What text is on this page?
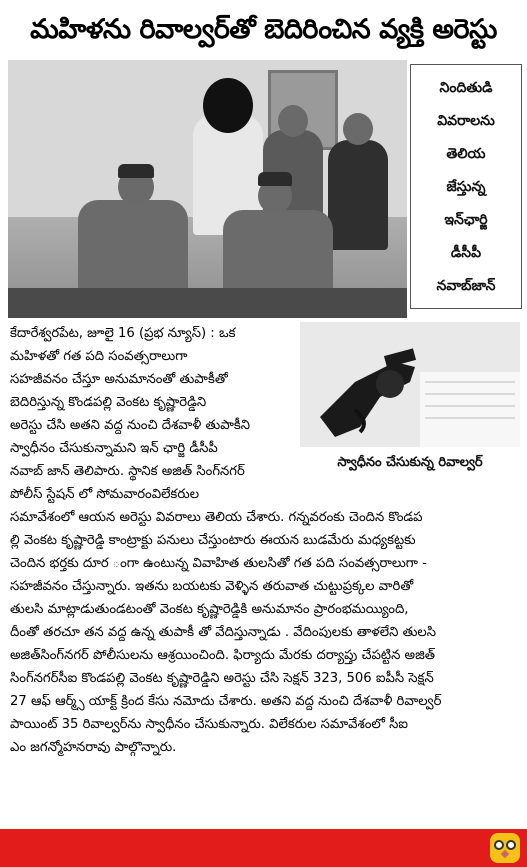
మహిళను రివాల్వర్‌తో బెదిరించిన వ్యక్తి అరెస్టు
నిందితుడి
వివరాలను
తెలియ
జేస్తున్న
ఇన్‌ఛార్జి
డీసీపీ
నవాబ్‌జాన్
కేదారేశ్వరపేట, జూలై 16 (ప్రభ న్యూస్) : ఒక
మహిళతో గత పది సంవత్సరాలుగా
సహజీవనం చేస్తూ అనుమానంతో తుపాకీతో
బెదిరిస్తున్న కొండపల్లి వెంకట కృష్ణారెడ్డిని
అరెస్టు చేసి అతని వద్ద నుంచి దేశవాళీ తుపాకీని
స్వాధీనం చేసుకున్నామని ఇన్ ఛార్జి డీసీపీ
నవాబ్ జాన్ తెలిపారు. స్థానిక అజిత్ సింగ్‌నగర్
పోలీస్ స్టేషన్ లో సోమవారంవిలేకరుల
సమావేశంలో ఆయన అరెస్టు వివరాలు తెలియ చేశారు. గన్నవరంకు చెందిన కొండప
స్వాధీనం చేసుకున్న రివాల్వర్
ల్లి వెంకట కృష్ణారెడ్డి కాంట్రాక్టు పనులు చేస్తుంటారు ఈయన బుడమేరు మధ్యకట్టకు
చెందిన భర్తకు దూర ంగా ఉంటున్న వివాహిత తులసితో గత పది సంవత్సరాలుగా -
సహజీవనం చేస్తున్నారు. ఇతను బయటకు వెళ్ళిన తరువాత చుట్టుప్రక్కల వారితో
తులసి మాట్లాడుతుండటంతో వెంకట కృష్ణారెడ్డికి అనుమానం ప్రారంభమయ్యింది,
దీంతో తరచూ తన వద్ద ఉన్న తుపాకీ తో వేదిస్తున్నాడు . వేదింపులకు తాళలేని తులసి
అజిత్‌సింగ్‌నగర్ పోలీసులను ఆశ్రయించింది. ఫిర్యాదు మేరకు దర్యాప్తు చేపట్టిన అజిత్
సింగ్‌నగర్‌సీఐ కొండపల్లి వెంకట కృష్ణారెడ్డిని అరెస్టు చేసి సెక్షన్ 323, 506 ఐపీసీ సెక్షన్
27 ఆఫ్ ఆర్మ్స్ యాక్ట్ క్రింద కేసు నమోదు చేశారు. అతని వద్ద నుంచి దేశవాళీ రివాల్వర్
పాయింట్ 35 రివాల్వర్‌ను స్వాధీనం చేసుకున్నారు. విలేకరుల సమావేశంలో సీఐ
ఎం జగన్మోహనరావు పాల్గొన్నారు.
